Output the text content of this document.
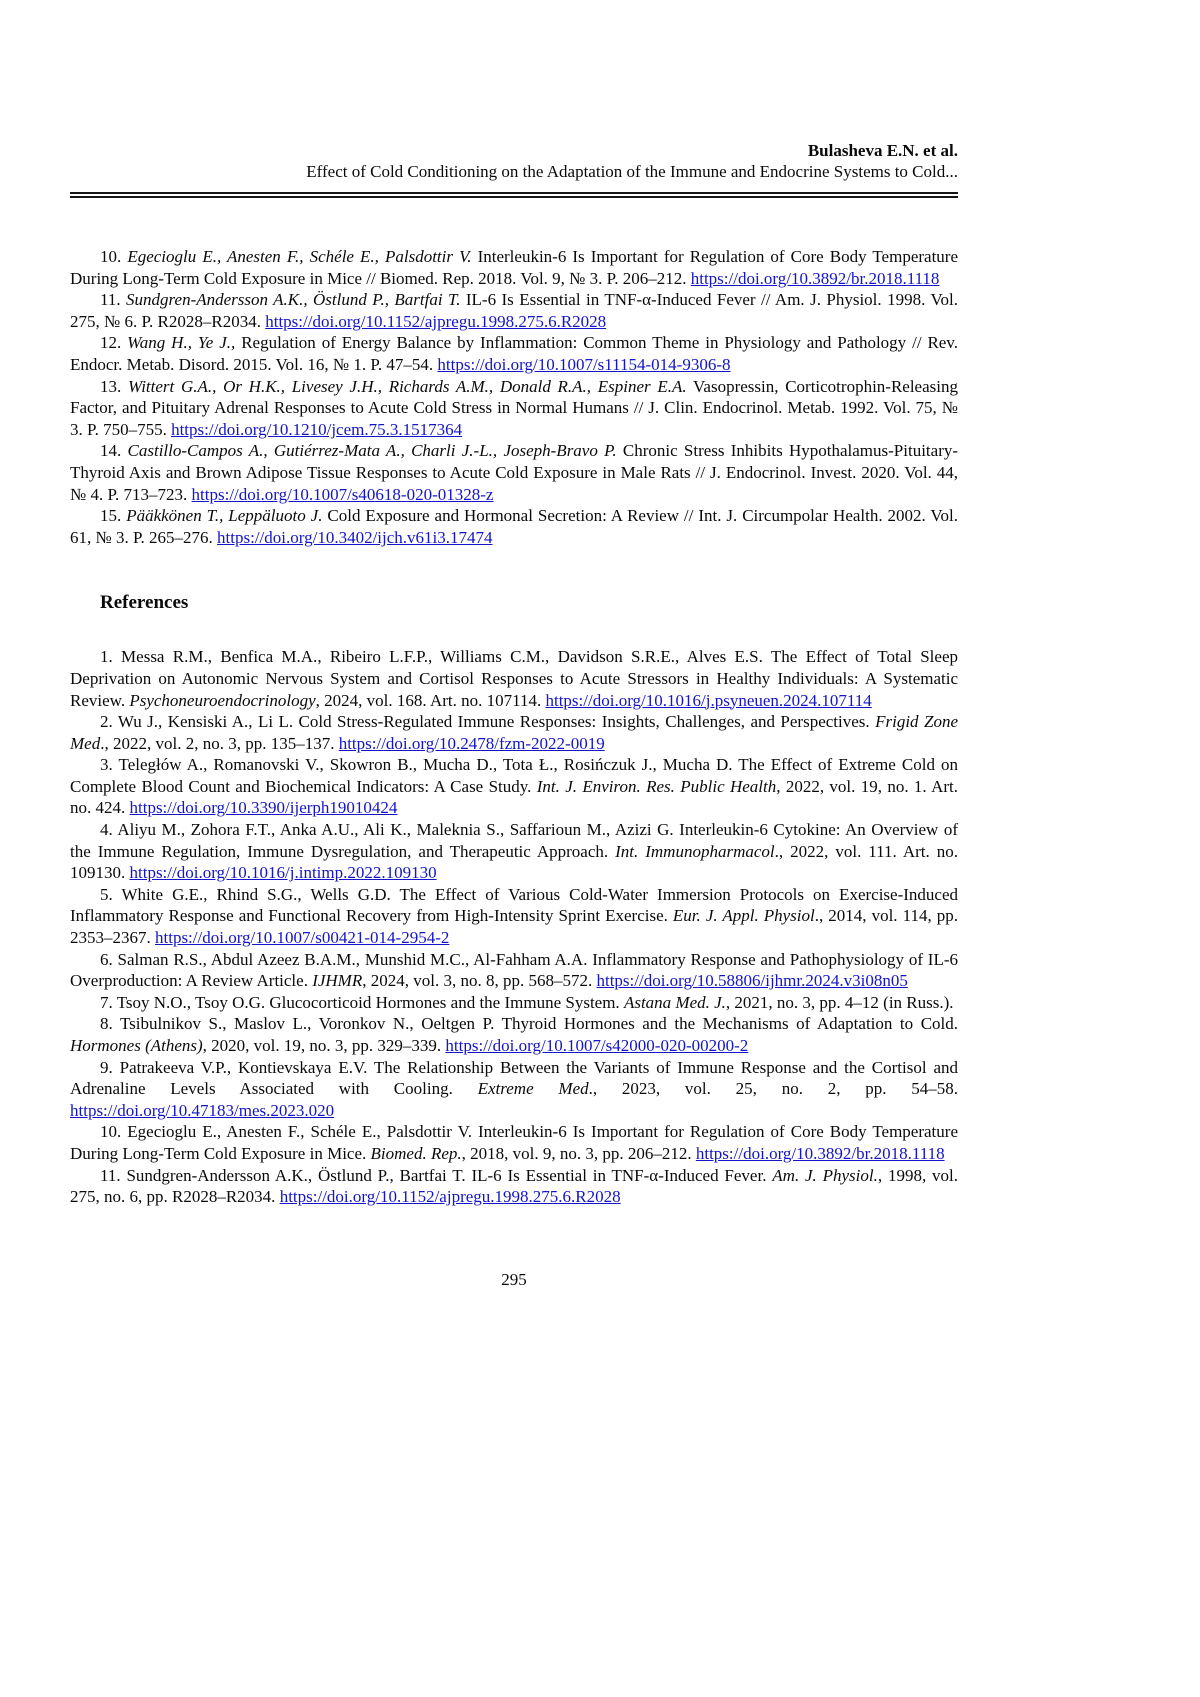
Bulasheva E.N. et al.
Effect of Cold Conditioning on the Adaptation of the Immune and Endocrine Systems to Cold...

10. Egecioglu E., Anesten F., Schéle E., Palsdottir V. Interleukin-6 Is Important for Regulation of Core Body Temperature During Long-Term Cold Exposure in Mice // Biomed. Rep. 2018. Vol. 9, № 3. P. 206–212. https://doi.org/10.3892/br.2018.1118

11. Sundgren-Andersson A.K., Östlund P., Bartfai T. IL-6 Is Essential in TNF-α-Induced Fever // Am. J. Physiol. 1998. Vol. 275, № 6. P. R2028–R2034. https://doi.org/10.1152/ajpregu.1998.275.6.R2028

12. Wang H., Ye J., Regulation of Energy Balance by Inflammation: Common Theme in Physiology and Pathology // Rev. Endocr. Metab. Disord. 2015. Vol. 16, № 1. P. 47–54. https://doi.org/10.1007/s11154-014-9306-8

13. Wittert G.A., Or H.K., Livesey J.H., Richards A.M., Donald R.A., Espiner E.A. Vasopressin, Corticotrophin-Releasing Factor, and Pituitary Adrenal Responses to Acute Cold Stress in Normal Humans // J. Clin. Endocrinol. Metab. 1992. Vol. 75, № 3. P. 750–755. https://doi.org/10.1210/jcem.75.3.1517364

14. Castillo-Campos A., Gutiérrez-Mata A., Charli J.-L., Joseph-Bravo P. Chronic Stress Inhibits Hypothalamus-Pituitary-Thyroid Axis and Brown Adipose Tissue Responses to Acute Cold Exposure in Male Rats // J. Endocrinol. Invest. 2020. Vol. 44, № 4. P. 713–723. https://doi.org/10.1007/s40618-020-01328-z

15. Pääkkönen T., Leppäluoto J. Cold Exposure and Hormonal Secretion: A Review // Int. J. Circumpolar Health. 2002. Vol. 61, № 3. P. 265–276. https://doi.org/10.3402/ijch.v61i3.17474

References

1. Messa R.M., Benfica M.A., Ribeiro L.F.P., Williams C.M., Davidson S.R.E., Alves E.S. The Effect of Total Sleep Deprivation on Autonomic Nervous System and Cortisol Responses to Acute Stressors in Healthy Individuals: A Systematic Review. Psychoneuroendocrinology, 2024, vol. 168. Art. no. 107114. https://doi.org/10.1016/j.psyneuen.2024.107114

2. Wu J., Kensiski A., Li L. Cold Stress-Regulated Immune Responses: Insights, Challenges, and Perspectives. Frigid Zone Med., 2022, vol. 2, no. 3, pp. 135–137. https://doi.org/10.2478/fzm-2022-0019

3. Teległów A., Romanovski V., Skowron B., Mucha D., Tota Ł., Rosińczuk J., Mucha D. The Effect of Extreme Cold on Complete Blood Count and Biochemical Indicators: A Case Study. Int. J. Environ. Res. Public Health, 2022, vol. 19, no. 1. Art. no. 424. https://doi.org/10.3390/ijerph19010424

4. Aliyu M., Zohora F.T., Anka A.U., Ali K., Maleknia S., Saffarioun M., Azizi G. Interleukin-6 Cytokine: An Overview of the Immune Regulation, Immune Dysregulation, and Therapeutic Approach. Int. Immunopharmacol., 2022, vol. 111. Art. no. 109130. https://doi.org/10.1016/j.intimp.2022.109130

5. White G.E., Rhind S.G., Wells G.D. The Effect of Various Cold-Water Immersion Protocols on Exercise-Induced Inflammatory Response and Functional Recovery from High-Intensity Sprint Exercise. Eur. J. Appl. Physiol., 2014, vol. 114, pp. 2353–2367. https://doi.org/10.1007/s00421-014-2954-2

6. Salman R.S., Abdul Azeez B.A.M., Munshid M.C., Al-Fahham A.A. Inflammatory Response and Pathophysiology of IL-6 Overproduction: A Review Article. IJHMR, 2024, vol. 3, no. 8, pp. 568–572. https://doi.org/10.58806/ijhmr.2024.v3i08n05

7. Tsoy N.O., Tsoy O.G. Glucocorticoid Hormones and the Immune System. Astana Med. J., 2021, no. 3, pp. 4–12 (in Russ.).

8. Tsibulnikov S., Maslov L., Voronkov N., Oeltgen P. Thyroid Hormones and the Mechanisms of Adaptation to Cold. Hormones (Athens), 2020, vol. 19, no. 3, pp. 329–339. https://doi.org/10.1007/s42000-020-00200-2

9. Patrakeeva V.P., Kontievskaya E.V. The Relationship Between the Variants of Immune Response and the Cortisol and Adrenaline Levels Associated with Cooling. Extreme Med., 2023, vol. 25, no. 2, pp. 54–58. https://doi.org/10.47183/mes.2023.020

10. Egecioglu E., Anesten F., Schéle E., Palsdottir V. Interleukin-6 Is Important for Regulation of Core Body Temperature During Long-Term Cold Exposure in Mice. Biomed. Rep., 2018, vol. 9, no. 3, pp. 206–212. https://doi.org/10.3892/br.2018.1118

11. Sundgren-Andersson A.K., Östlund P., Bartfai T. IL-6 Is Essential in TNF-α-Induced Fever. Am. J. Physiol., 1998, vol. 275, no. 6, pp. R2028–R2034. https://doi.org/10.1152/ajpregu.1998.275.6.R2028

295
